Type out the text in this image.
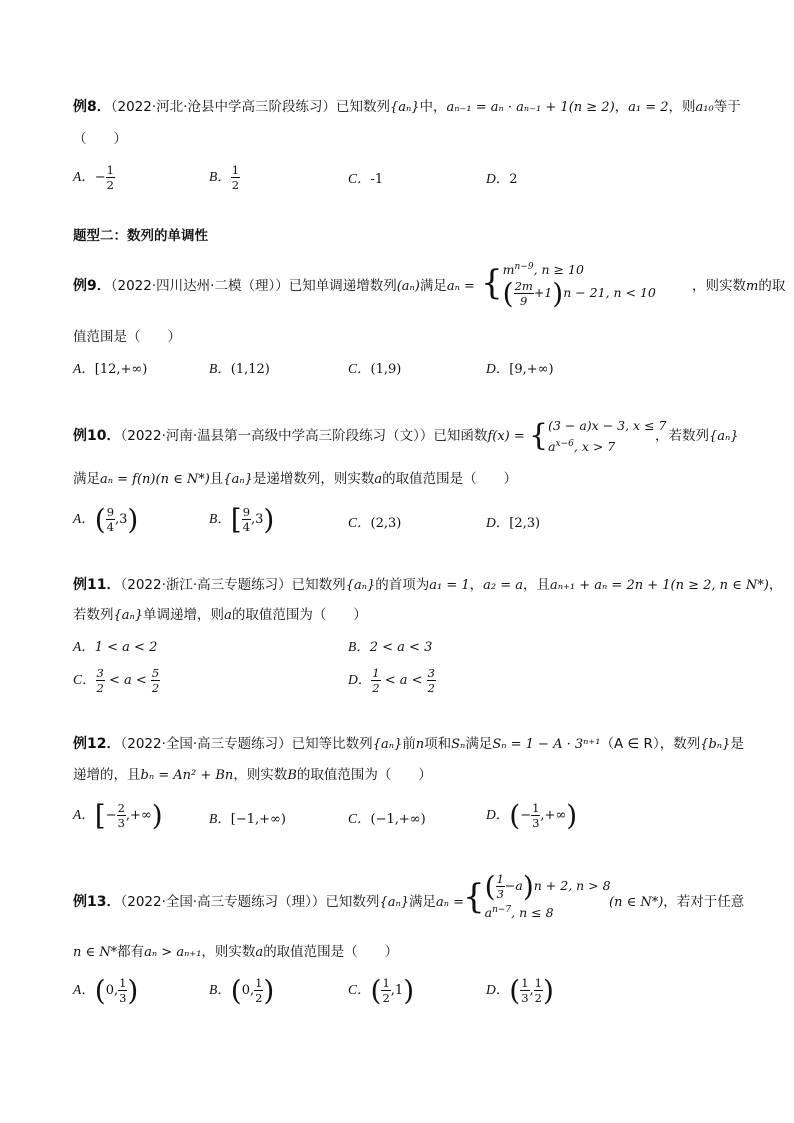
例8．（2022·河北·沧县中学高三阶段练习）已知数列{aₙ}中，aₙ₋₁ = aₙ · aₙ₋₁ + 1(n ≥ 2)，a₁ = 2，则a₁₀等于
（　　）
A．− $\frac{1}{2}$	B． $\frac{1}{2}$	C．-1	D．2
题型二：数列的单调性
例9．（2022·四川达州·二模（理））已知单调递增数列(aₙ)满足aₙ = { $m^{n-9}$, n ≥ 10
( $\frac{2m}{9} +1)n - 21$, n < 10	，则实数m的取
值范围是（　　）
A．[12,+∞)	B．(1,12)	C．(1,9)	D．[9,+∞)
例10．（2022·河南·温县第一高级中学高三阶段练习（文））已知函数f(x) = { (3 − a)x − 3, x ≤ 7
$a^{x-6}$, x > 7
，若数列{aₙ}
满足aₙ = f(n)(n ∈ N*)且{aₙ}是递增数列，则实数a的取值范围是（　　）
A．( $\frac{9}{4} ,3$)	B．[ $\frac{9}{4} ,3$)	C．(2,3)	D．[2,3)
例11．（2022·浙江·高三专题练习）已知数列{aₙ}的首项为a₁ = 1，a₂ = a，且aₙ₊₁ + aₙ = 2n + 1(n ≥ 2, n ∈ N*)，
若数列{aₙ}单调递增，则a的取值范围为（　　）
A．1 < a < 2	B．2 < a < 3
C． $\frac{3}{2} < a < \frac{5}{2}$	D． $\frac{1}{2} < a < \frac{3}{2}$
例12．（2022·全国·高三专题练习）已知等比数列{aₙ}前n项和Sₙ满足Sₙ = 1 − A · 3ⁿ⁺¹（A ∈ R），数列{bₙ}是
递增的，且bₙ = An² + Bn，则实数B的取值范围为（　　）
A．[− $\frac{2}{3}$ ,+∞)	B．[−1,+∞)	C．(−1,+∞)	D．(− $\frac{1}{3}$ ,+∞)
例13．（2022·全国·高三专题练习（理））已知数列{aₙ}满足aₙ =
{ ( $\frac{1}{3} -a)n + 2$, n > 8
$a^{n-7}$, n ≤ 8
(n ∈ N*)，若对于任意
n ∈ N*都有aₙ > aₙ₊₁，则实数a的取值范围是（　　）
A．(0, $\frac{1}{3}$ )	B．(0, $\frac{1}{2}$ )	C．( $\frac{1}{2} ,1$)	D．( $\frac{1}{3}$ , $\frac{1}{2}$ )
